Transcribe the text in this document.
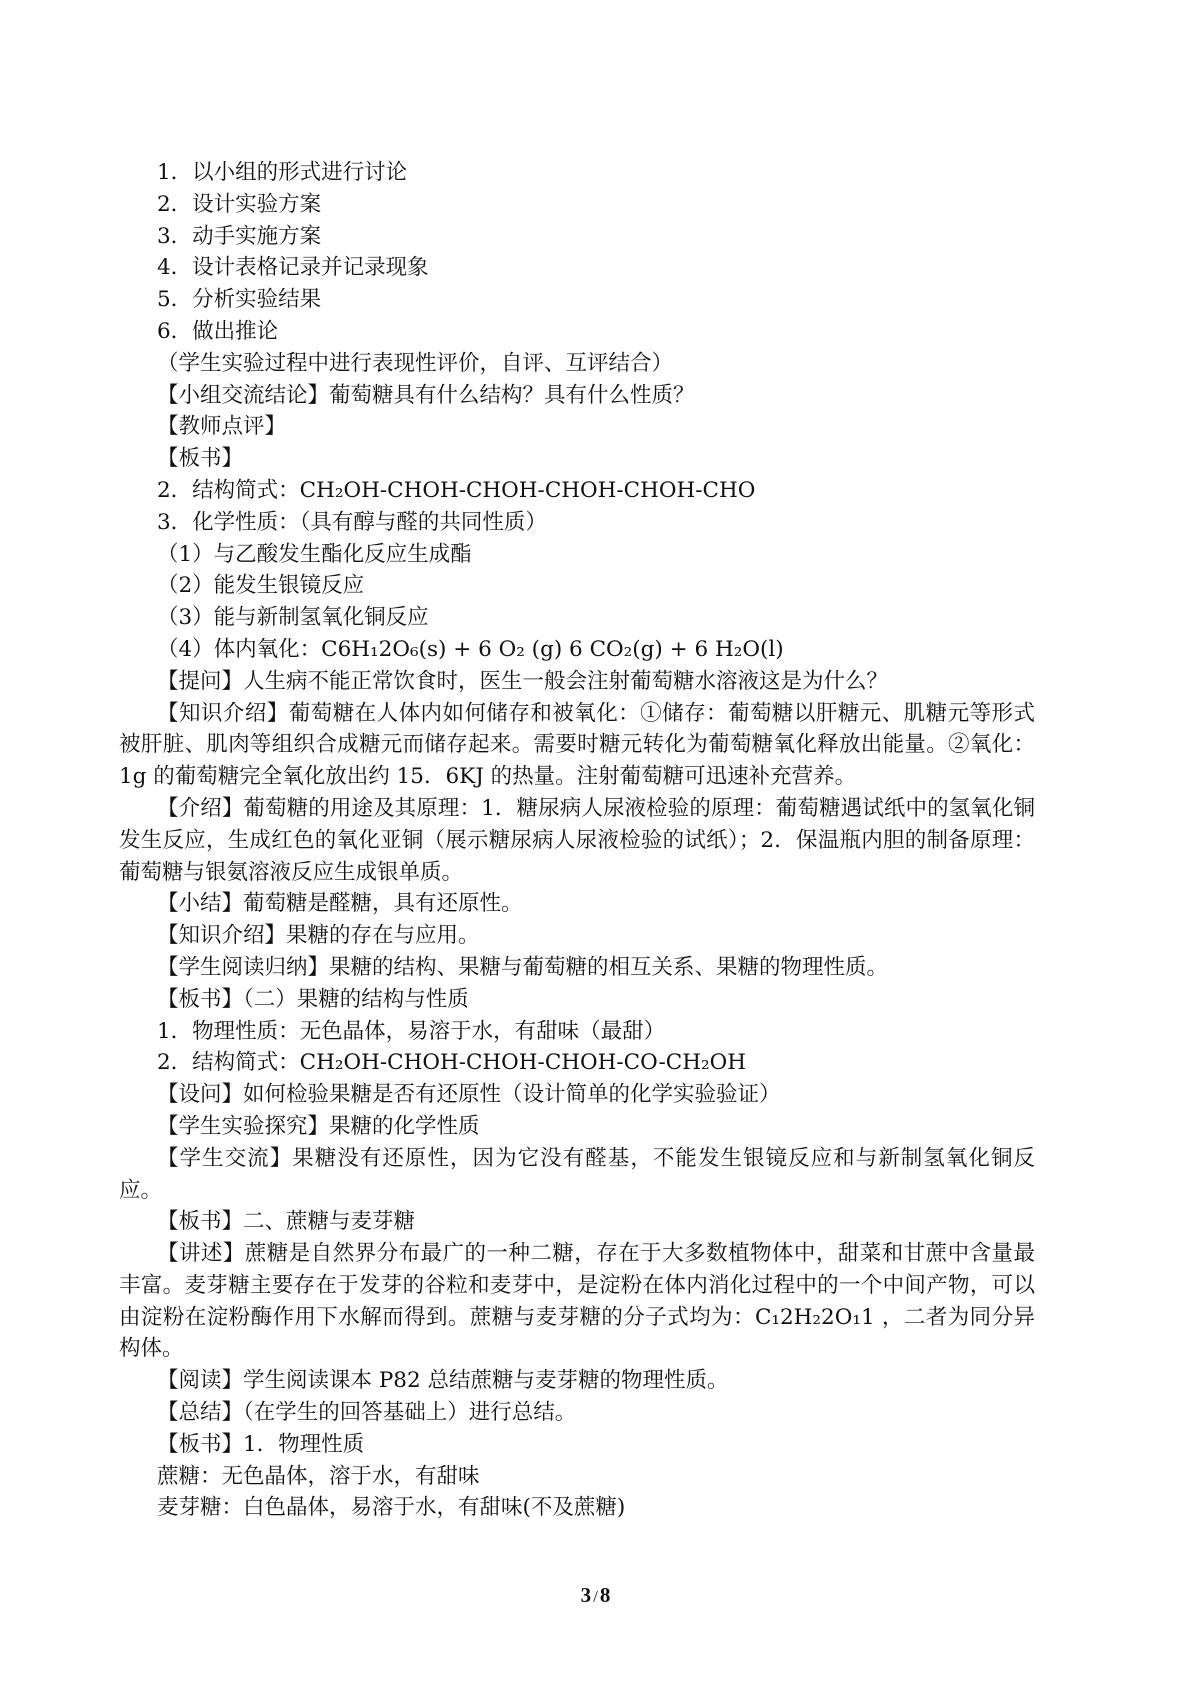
1．以小组的形式进行讨论
2．设计实验方案
3．动手实施方案
4．设计表格记录并记录现象
5．分析实验结果
6．做出推论
（学生实验过程中进行表现性评价，自评、互评结合）
【小组交流结论】葡萄糖具有什么结构？具有什么性质？
【教师点评】
【板书】
2．结构简式：CH₂OH-CHOH-CHOH-CHOH-CHOH-CHO
3．化学性质：（具有醇与醛的共同性质）
（1）与乙酸发生酯化反应生成酯
（2）能发生银镜反应
（3）能与新制氢氧化铜反应
（4）体内氧化：C6H₁2O₆(s) + 6 O₂ (g) 6 CO₂(g) + 6 H₂O(l)
【提问】人生病不能正常饮食时，医生一般会注射葡萄糖水溶液这是为什么？
【知识介绍】葡萄糖在人体内如何储存和被氧化：①储存：葡萄糖以肝糖元、肌糖元等形式被肝脏、肌肉等组织合成糖元而储存起来。需要时糖元转化为葡萄糖氧化释放出能量。②氧化：1g 的葡萄糖完全氧化放出约 15．6KJ 的热量。注射葡萄糖可迅速补充营养。
【介绍】葡萄糖的用途及其原理：1．糖尿病人尿液检验的原理：葡萄糖遇试纸中的氢氧化铜发生反应，生成红色的氧化亚铜（展示糖尿病人尿液检验的试纸）；2．保温瓶内胆的制备原理：葡萄糖与银氨溶液反应生成银单质。
【小结】葡萄糖是醛糖，具有还原性。
【知识介绍】果糖的存在与应用。
【学生阅读归纳】果糖的结构、果糖与葡萄糖的相互关系、果糖的物理性质。
【板书】（二）果糖的结构与性质
1．物理性质：无色晶体，易溶于水，有甜味（最甜）
2．结构简式：CH₂OH-CHOH-CHOH-CHOH-CO-CH₂OH
【设问】如何检验果糖是否有还原性（设计简单的化学实验验证）
【学生实验探究】果糖的化学性质
【学生交流】果糖没有还原性，因为它没有醛基，不能发生银镜反应和与新制氢氧化铜反应。
【板书】二、蔗糖与麦芽糖
【讲述】蔗糖是自然界分布最广的一种二糖，存在于大多数植物体中，甜菜和甘蔗中含量最丰富。麦芽糖主要存在于发芽的谷粒和麦芽中，是淀粉在体内消化过程中的一个中间产物，可以由淀粉在淀粉酶作用下水解而得到。蔗糖与麦芽糖的分子式均为：C₁2H₂2O₁1 ，二者为同分异构体。
【阅读】学生阅读课本 P82 总结蔗糖与麦芽糖的物理性质。
【总结】（在学生的回答基础上）进行总结。
【板书】1．物理性质
蔗糖：无色晶体，溶于水，有甜味
麦芽糖：白色晶体，易溶于水，有甜味(不及蔗糖)
3 /8
